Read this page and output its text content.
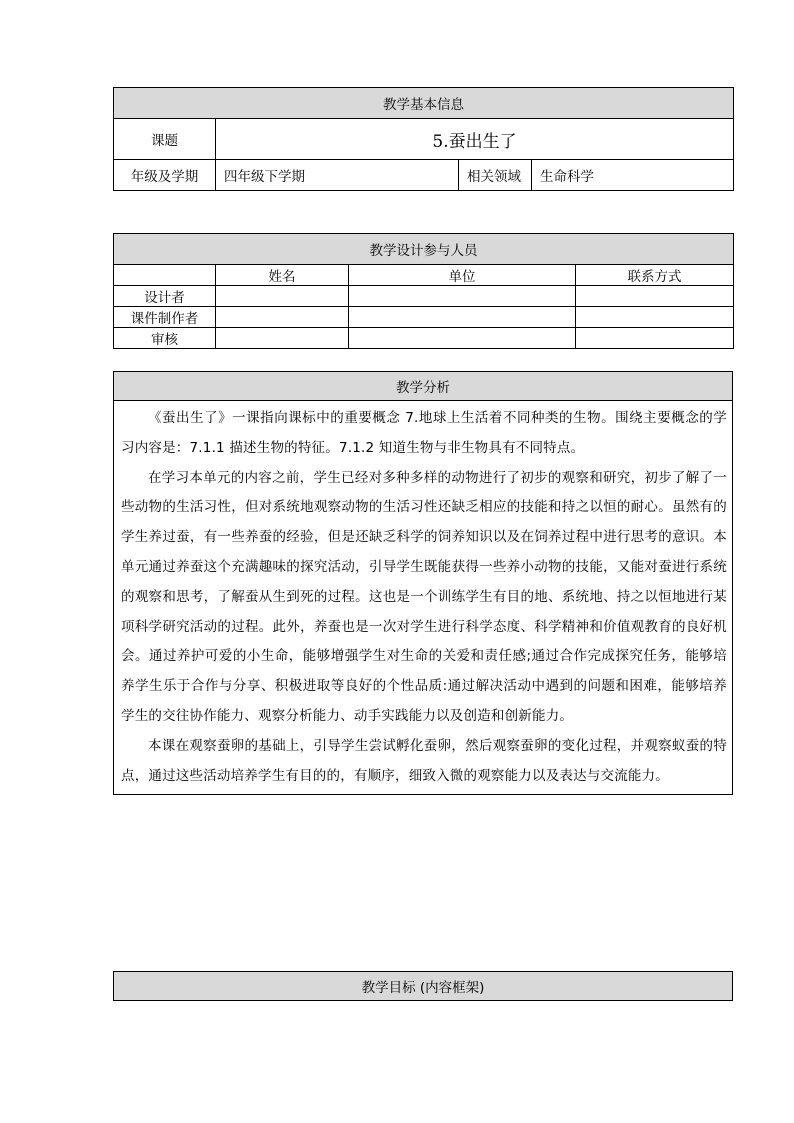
教学基本信息			
课题	5.蚕出生了		
年级及学期	四年级下学期	相关领域	生命科学
教学设计参与人员			
	姓名	单位	联系方式
设计者			
课件制作者			
审核			
教学分析

《蚕出生了》一课指向课标中的重要概念 7.地球上生活着不同种类的生物。围绕主要概念的学习内容是：7.1.1 描述生物的特征。7.1.2 知道生物与非生物具有不同特点。

在学习本单元的内容之前，学生已经对多种多样的动物进行了初步的观察和研究，初步了解了一些动物的生活习性，但对系统地观察动物的生活习性还缺乏相应的技能和持之以恒的耐心。虽然有的学生养过蚕，有一些养蚕的经验，但是还缺乏科学的饲养知识以及在饲养过程中进行思考的意识。本单元通过养蚕这个充满趣味的探究活动，引导学生既能获得一些养小动物的技能，又能对蚕进行系统的观察和思考，了解蚕从生到死的过程。这也是一个训练学生有目的地、系统地、持之以恒地进行某项科学研究活动的过程。此外，养蚕也是一次对学生进行科学态度、科学精神和价值观教育的良好机会。通过养护可爱的小生命，能够增强学生对生命的关爱和责任感;通过合作完成探究任务，能够培养学生乐于合作与分享、积极进取等良好的个性品质:通过解决活动中遇到的问题和困难，能够培养学生的交往协作能力、观察分析能力、动手实践能力以及创造和创新能力。

本课在观察蚕卵的基础上，引导学生尝试孵化蚕卵，然后观察蚕卵的变化过程，并观察蚁蚕的特点，通过这些活动培养学生有目的的，有顺序，细致入微的观察能力以及表达与交流能力。

教学目标 (内容框架)
